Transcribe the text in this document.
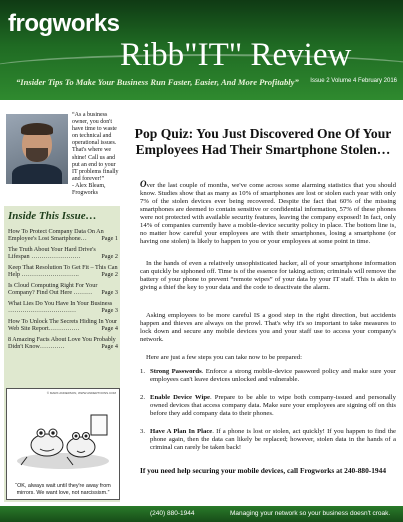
frogworks
Ribb"IT" Review
“Insider Tips To Make Your Business Run Faster, Easier, And More Profitably” Issue 2 Volume 4 February 2016
“As a business owner, you don't have time to waste on technical and operational issues. That's where we shine! Call us and put an end to your IT problems finally and forever!”
- Alex Bleam, Frogworks
Inside This Issue…
How To Protect Company Data On An Employee's Lost Smartphone… Page 1
The Truth About Your Hard Drive's Lifespan ……………………	Page 2
Keep That Resolution To Get Fit – This Can Help ……………………….	Page 2
Is Cloud Computing Right For Your Company? Find Out Here ……… Page 3
What Lies Do You Have In Your Business ……………………………	Page 3
How To Unlock The Secrets Hiding In Your Web Site Report……………	Page 4
8 Amazing Facts About Love You Probably Didn't Know…………	Page 4
© MARK ANDERSON, WWW.ANDERTOONS.COM
“OK, always wait until they're away from mirrors. We want love, not narcissism.”
Pop Quiz: You Just Discovered One Of Your Employees Had Their Smartphone Stolen…
Over the last couple of months, we've come across some alarming statistics that you should know. Studies show that as many as 10% of smartphones are lost or stolen each year with only 7% of the stolen devices ever being recovered. Despite the fact that 60% of the missing smartphones are deemed to contain sensitive or confidential information, 57% of these phones were not protected with available security features, leaving the company exposed! In fact, only 14% of companies currently have a mobile-device security policy in place. The bottom line is, no matter how careful your employees are with their smartphones, losing a smartphone (or having one stolen) is likely to happen to you or your employees at some point in time.
In the hands of even a relatively unsophisticated hacker, all of your smartphone information can quickly be siphoned off. Time is of the essence for taking action; criminals will remove the battery of your phone to prevent “remote wipes” of your data by your IT staff. This is akin to giving a thief the key to your data and the code to deactivate the alarm.
Asking employees to be more careful IS a good step in the right direction, but accidents happen and thieves are always on the prowl. That's why it's so important to take measures to lock down and secure any mobile devices you and your staff use to access your company's network.
Here are just a few steps you can take now to be prepared:
1. Strong Passwords. Enforce a strong mobile-device password policy and make sure your employees can't leave devices unlocked and vulnerable.
2. Enable Device Wipe. Prepare to be able to wipe both company-issued and personally owned devices that access company data. Make sure your employees are signing off on this before they add company data to their phones.
3. Have A Plan In Place. If a phone is lost or stolen, act quickly! If you happen to find the phone again, then the data can likely be replaced; however, stolen data in the hands of a criminal can rarely be taken back!
If you need help securing your mobile devices, call Frogworks at 240-880-1944
(240) 880-1944	Managing your network so your business doesn't croak.
